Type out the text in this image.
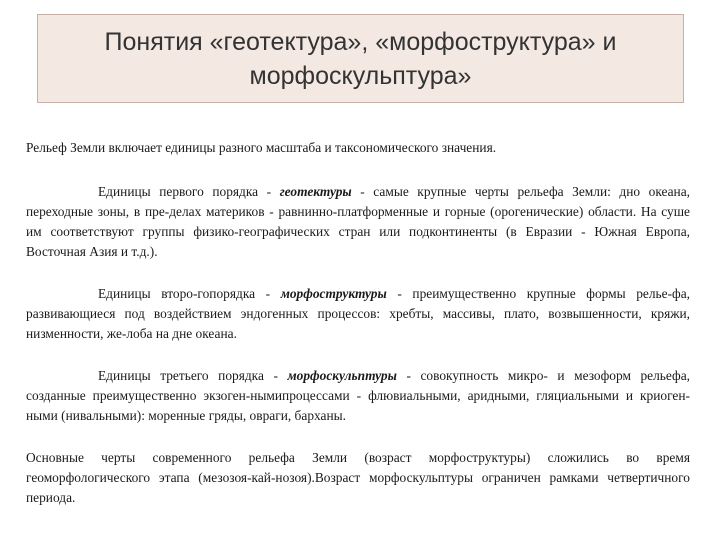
Понятия «геотектура», «морфоструктура» и морфоскульптура»

Рельеф Земли включает единицы разного масштаба и таксономического значения.

Единицы первого порядка - геотектуры - самые крупные черты рельефа Земли: дно океана, переходные зоны, в пре-делах материков - равнинно-платформенные и горные (орогенические) области. На суше им соответствуют группы физико-географических стран или подконтиненты (в Евразии - Южная Европа, Восточная Азия и т.д.).

Единицы второ-гопорядка - морфоструктуры - преимущественно крупные формы релье-фа, развивающиеся под воздействием эндогенных процессов: хребты, массивы, плато, возвышенности, кряжи, низменности, же-лоба на дне океана.

Единицы третьего порядка - морфоскульптуры - совокупность микро- и мезоформ рельефа, созданные преимущественно экзоген-нымипроцессами - флювиальными, аридными, гляциальными и криоген-ными (нивальными): моренные гряды, овраги, барханы.

Основные черты современного рельефа Земли (возраст морфоструктуры) сложились во время геоморфологического этапа (мезозоя-кай-нозоя).Возраст морфоскульптуры ограничен рамками четвертичного периода.
